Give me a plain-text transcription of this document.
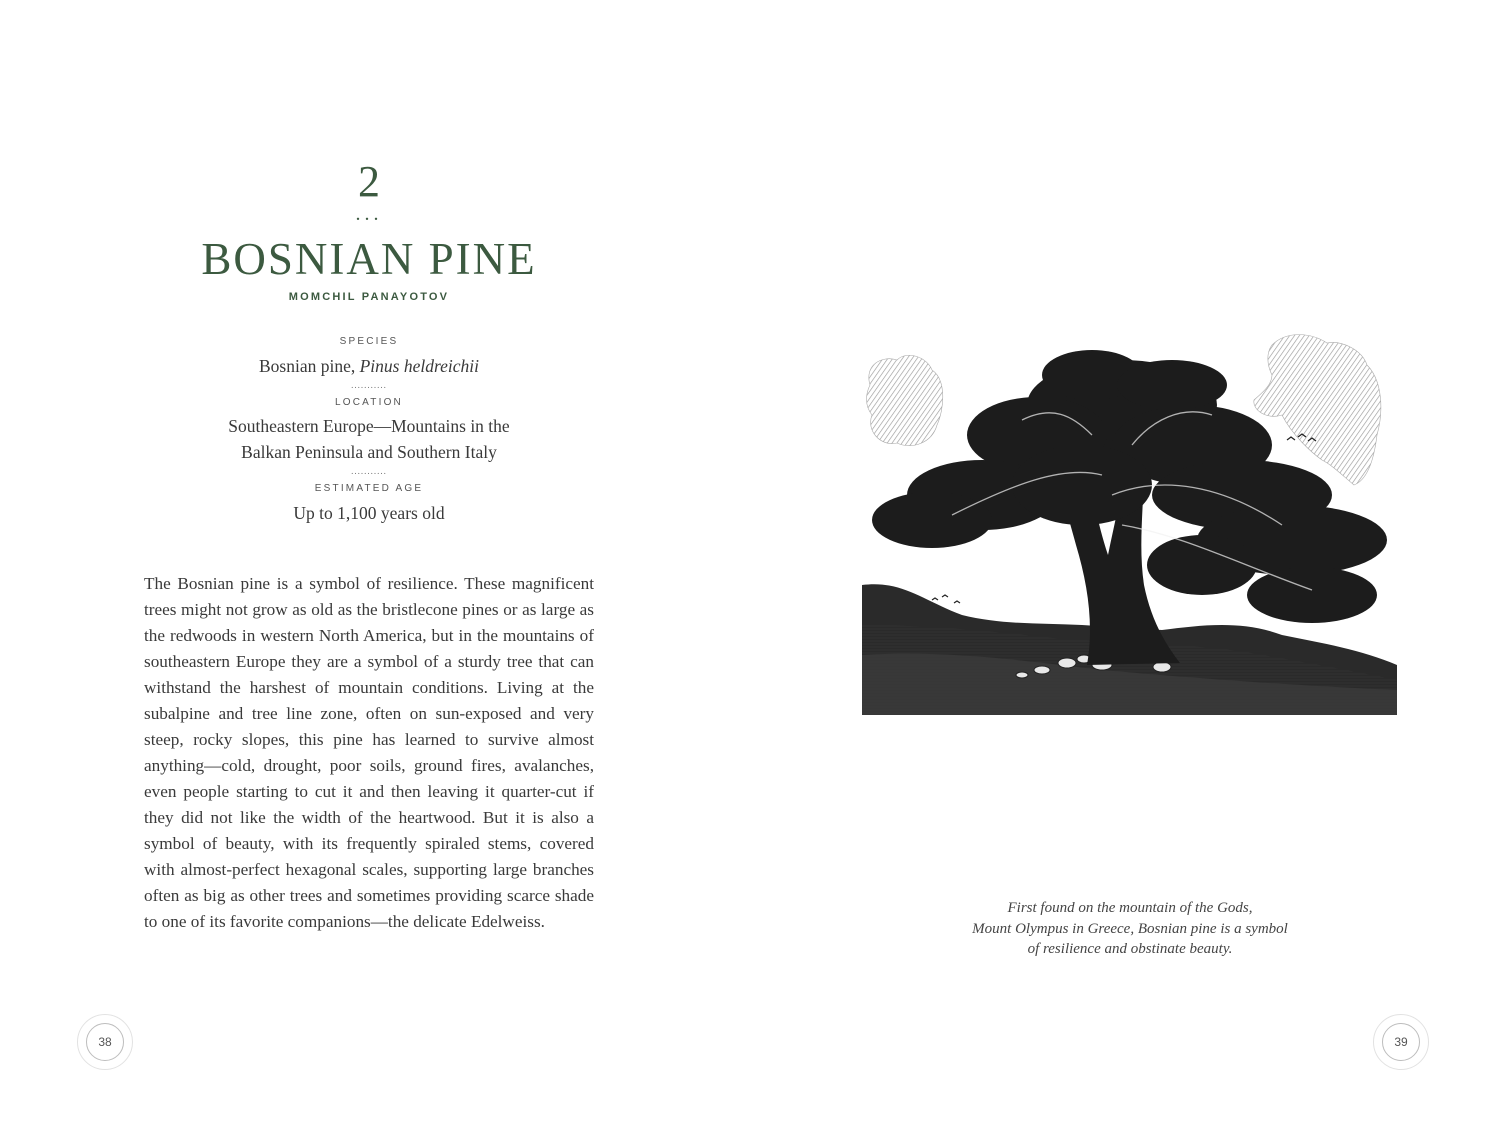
2
...
BOSNIAN PINE
MOMCHIL PANAYOTOV
SPECIES
Bosnian pine, Pinus heldreichii
...........
LOCATION
Southeastern Europe—Mountains in the
Balkan Peninsula and Southern Italy
...........
ESTIMATED AGE
Up to 1,100 years old
The Bosnian pine is a symbol of resilience. These magnificent trees might not grow as old as the bristlecone pines or as large as the redwoods in western North America, but in the mountains of southeastern Europe they are a symbol of a sturdy tree that can withstand the harshest of mountain conditions. Living at the subalpine and tree line zone, often on sun-exposed and very steep, rocky slopes, this pine has learned to survive almost anything—cold, drought, poor soils, ground fires, avalanches, even people starting to cut it and then leaving it quarter-cut if they did not like the width of the heartwood. But it is also a symbol of beauty, with its frequently spiraled stems, covered with almost-perfect hexagonal scales, supporting large branches often as big as other trees and sometimes providing scarce shade to one of its favorite companions—the delicate Edelweiss.
38
First found on the mountain of the Gods,
Mount Olympus in Greece, Bosnian pine is a symbol
of resilience and obstinate beauty.
39
